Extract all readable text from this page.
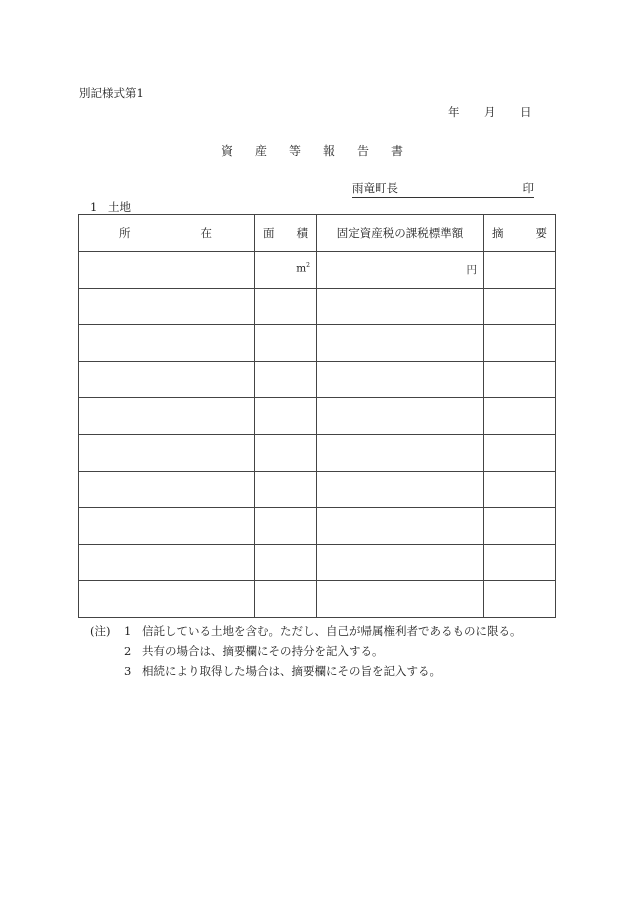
別記様式第1
年 月 日
資産等報告書
雨竜町長	印
1 土地
所 在	面 積	固定資産税の課税標準額	摘 要

	$m^2$	円	

(注)	1 信託している土地を含む。ただし、自己が帰属権利者であるものに限る。
2 共有の場合は、摘要欄にその持分を記入する。
3 相続により取得した場合は、摘要欄にその旨を記入する。
